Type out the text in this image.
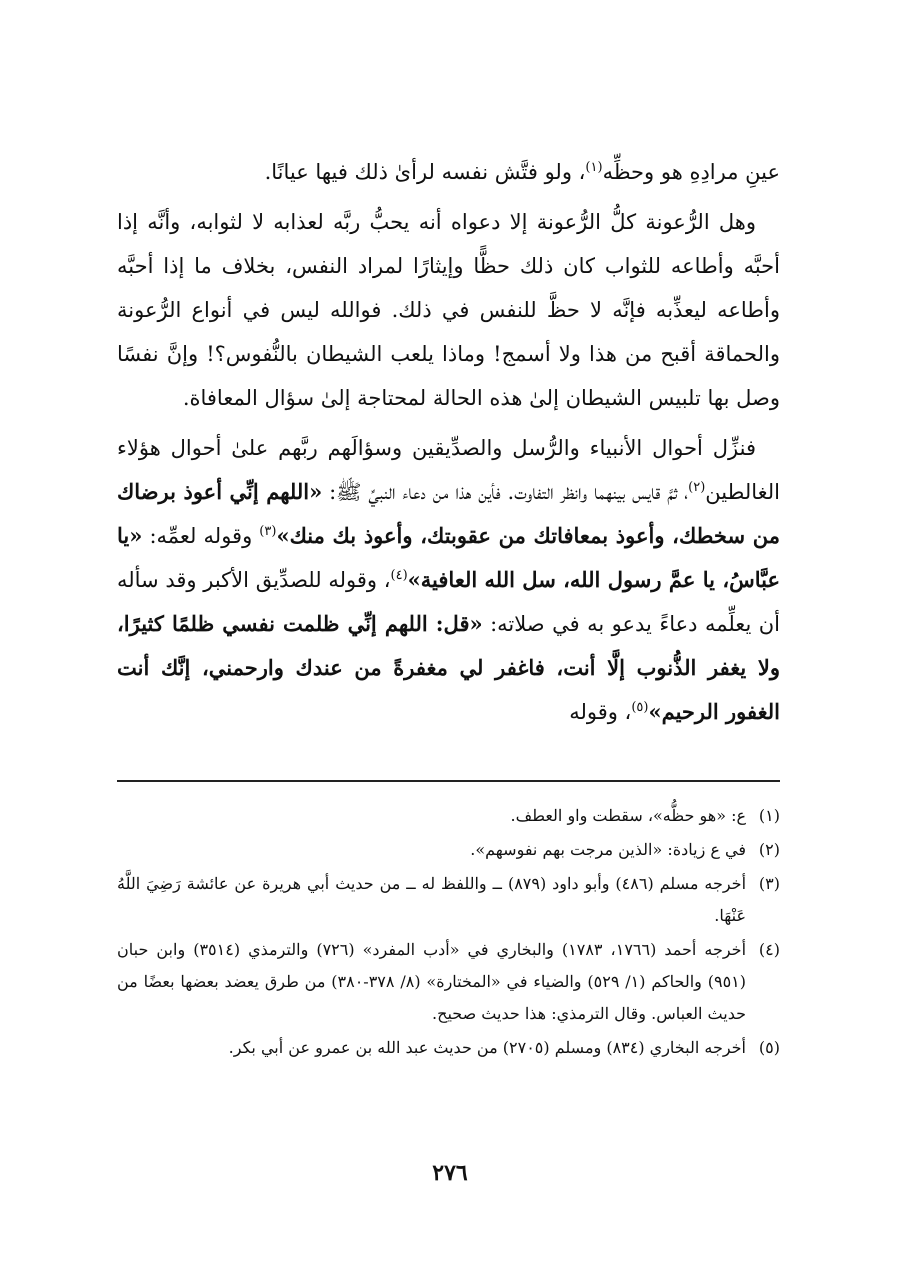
عينِ مرادِهِ هو وحظِّه$^{(١)}$، ولو فتَّش نفسه لرأىٰ ذلك فيها عيانًا.

وهل الرُّعونة كلُّ الرُّعونة إلا دعواه أنه يحبُّ ربَّه لعذابه لا لثوابه، وأنَّه إذا أحبَّه وأطاعه للثواب كان ذلك حظًّا وإيثارًا لمراد النفس، بخلاف ما إذا أحبَّه وأطاعه ليعذِّبه فإنَّه لا حظَّ للنفس في ذلك. فوالله ليس في أنواع الرُّعونة والحماقة أقبح من هذا ولا أسمج! وماذا يلعب الشيطان بالنُّفوس؟! وإنَّ نفسًا وصل بها تلبيس الشيطان إلىٰ هذه الحالة لمحتاجة إلىٰ سؤال المعافاة.

فنزِّل أحوال الأنبياء والرُّسل والصدِّيقين وسؤالَهم ربَّهم علىٰ أحوال هؤلاء الغالطين$^{(٢)}$، ثمَّ قايس بينهما وانظر التفاوت. فأين هذا من دعاء النبيِّ ﷺ: «اللهم إنِّي أعوذ برضاك من سخطك، وأعوذ بمعافاتك من عقوبتك، وأعوذ بك منك»$^{(٣)}$ وقوله لعمِّه: «يا عبَّاسُ، يا عمَّ رسول الله، سل الله العافية»$^{(٤)}$، وقوله للصدِّيق الأكبر وقد سأله أن يعلِّمه دعاءً يدعو به في صلاته: «قل: اللهم إنِّي ظلمت نفسي ظلمًا كثيرًا، ولا يغفر الذُّنوب إلَّا أنت، فاغفر لي مغفرةً من عندك وارحمني، إنَّك أنت الغفور الرحيم»$^{(٥)}$، وقوله

(١)
ع: «هو حظُّه»، سقطت واو العطف.
(٢)
في ع زيادة: «الذين مرجت بهم نفوسهم».
(٣)
أخرجه مسلم (٤٨٦) وأبو داود (٨٧٩) ــ واللفظ له ــ من حديث أبي هريرة عن عائشة رَضِيَ اللَّهُ عَنْهَا.
(٤)
أخرجه أحمد (١٧٦٦، ١٧٨٣) والبخاري في «أدب المفرد» (٧٢٦) والترمذي (٣٥١٤) وابن حبان (٩٥١) والحاكم (١/ ٥٢٩) والضياء في «المختارة» (٨/ ٣٧٨-٣٨٠) من طرق يعضد بعضها بعضًا من حديث العباس. وقال الترمذي: هذا حديث صحيح.
(٥)
أخرجه البخاري (٨٣٤) ومسلم (٢٧٠٥) من حديث عبد الله بن عمرو عن أبي بكر.
٢٧٦
